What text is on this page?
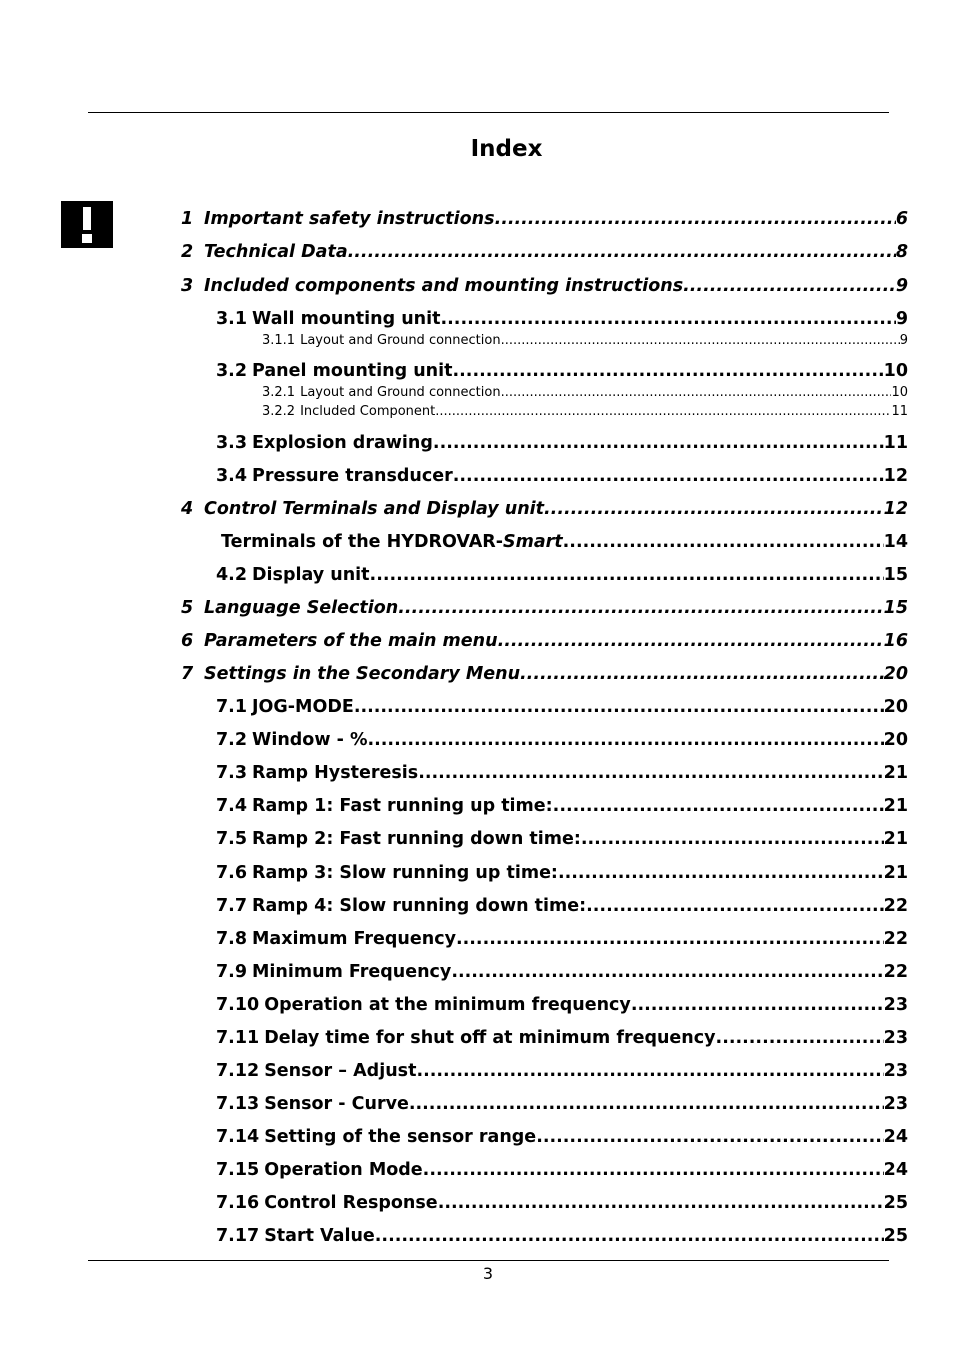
Index
1 Important safety instructions .....	6
2 Technical Data .....	8
3 Included components and mounting instructions .....	9
3.1 Wall mounting unit .....	9
3.1.1 Layout and Ground connection .....	9
3.2 Panel mounting unit .....	10
3.2.1 Layout and Ground connection .....	10
3.2.2 Included Component .....	11
3.3 Explosion drawing .....	11
3.4 Pressure transducer .....	12
4 Control Terminals and Display unit .....	12
Terminals of the HYDROVAR-Smart .....	14
4.2 Display unit .....	15
5 Language Selection .....	15
6 Parameters of the main menu .....	16
7 Settings in the Secondary Menu .....	20
7.1 JOG-MODE .....	20
7.2 Window - % .....	20
7.3 Ramp Hysteresis .....	21
7.4 Ramp 1: Fast running up time: .....	21
7.5 Ramp 2: Fast running down time: .....	21
7.6 Ramp 3: Slow running up time: .....	21
7.7 Ramp 4: Slow running down time: .....	22
7.8 Maximum Frequency .....	22
7.9 Minimum Frequency .....	22
7.10 Operation at the minimum frequency .....	23
7.11 Delay time for shut off at minimum frequency .....	23
7.12 Sensor – Adjust .....	23
7.13 Sensor - Curve .....	23
7.14 Setting of the sensor range .....	24
7.15 Operation Mode .....	24
7.16 Control Response .....	25
7.17 Start Value .....	25
3
